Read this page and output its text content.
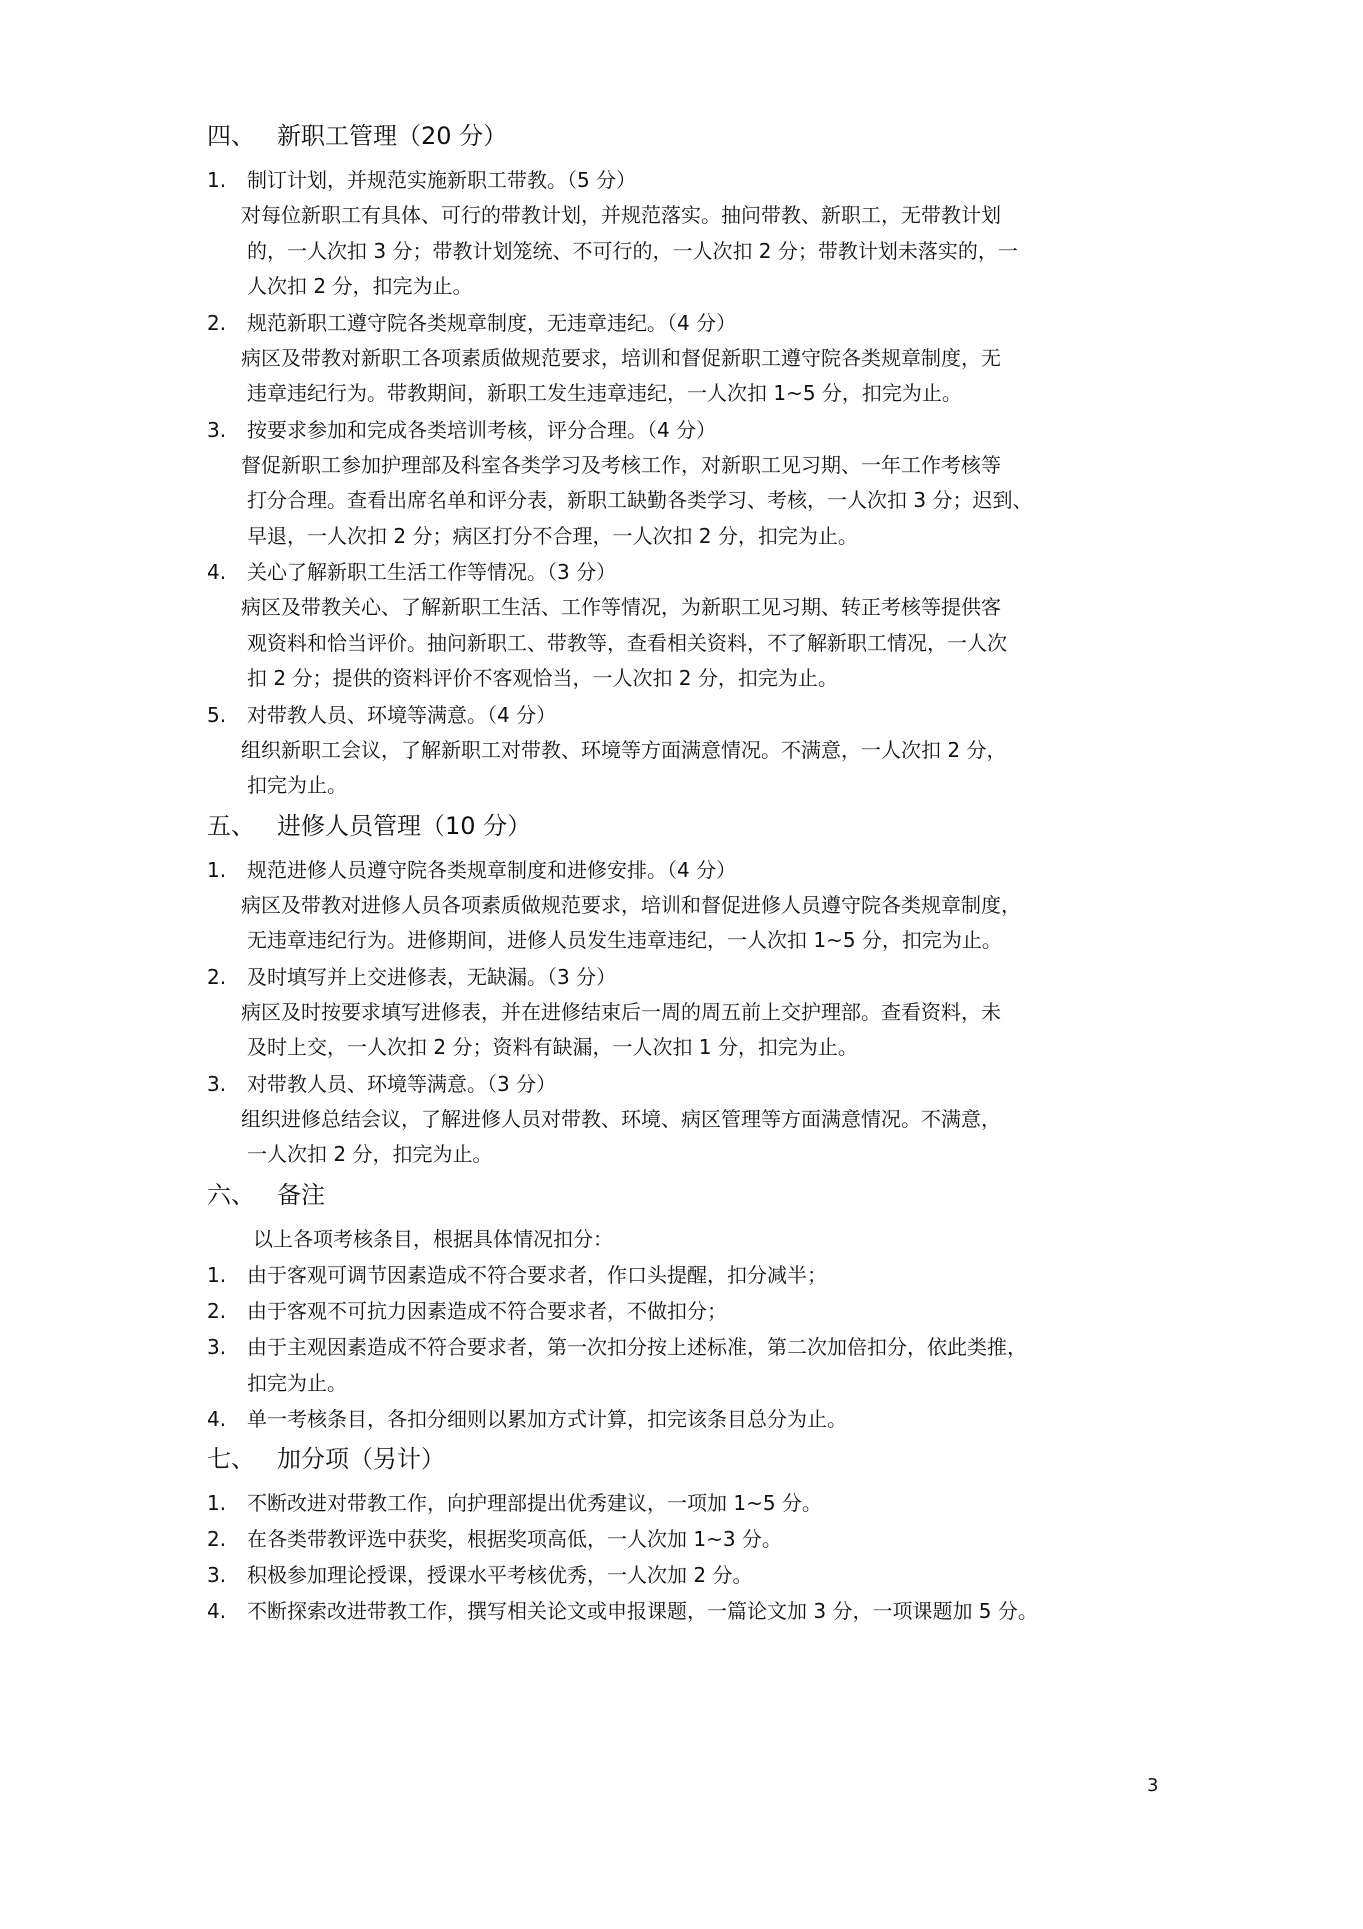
四、 新职工管理（20 分）
1.	制订计划，并规范实施新职工带教。（5 分）
对每位新职工有具体、可行的带教计划，并规范落实。抽问带教、新职工，无带教计划
的，一人次扣 3 分；带教计划笼统、不可行的，一人次扣 2 分；带教计划未落实的，一
人次扣 2 分，扣完为止。
2.	规范新职工遵守院各类规章制度，无违章违纪。（4 分）
病区及带教对新职工各项素质做规范要求，培训和督促新职工遵守院各类规章制度，无
违章违纪行为。带教期间，新职工发生违章违纪，一人次扣 1~5 分，扣完为止。
3.	按要求参加和完成各类培训考核，评分合理。（4 分）
督促新职工参加护理部及科室各类学习及考核工作，对新职工见习期、一年工作考核等
打分合理。查看出席名单和评分表，新职工缺勤各类学习、考核，一人次扣 3 分；迟到、
早退，一人次扣 2 分；病区打分不合理，一人次扣 2 分，扣完为止。
4.	关心了解新职工生活工作等情况。（3 分）
病区及带教关心、了解新职工生活、工作等情况，为新职工见习期、转正考核等提供客
观资料和恰当评价。抽问新职工、带教等，查看相关资料，不了解新职工情况，一人次
扣 2 分；提供的资料评价不客观恰当，一人次扣 2 分，扣完为止。
5.	对带教人员、环境等满意。（4 分）
组织新职工会议，了解新职工对带教、环境等方面满意情况。不满意，一人次扣 2 分，
扣完为止。
五、 进修人员管理（10 分）
1.	规范进修人员遵守院各类规章制度和进修安排。（4 分）
病区及带教对进修人员各项素质做规范要求，培训和督促进修人员遵守院各类规章制度，
无违章违纪行为。进修期间，进修人员发生违章违纪，一人次扣 1~5 分，扣完为止。
2.	及时填写并上交进修表，无缺漏。（3 分）
病区及时按要求填写进修表，并在进修结束后一周的周五前上交护理部。查看资料，未
及时上交，一人次扣 2 分；资料有缺漏，一人次扣 1 分，扣完为止。
3.	对带教人员、环境等满意。（3 分）
组织进修总结会议，了解进修人员对带教、环境、病区管理等方面满意情况。不满意，
一人次扣 2 分，扣完为止。
六、 备注
以上各项考核条目，根据具体情况扣分：
1.	由于客观可调节因素造成不符合要求者，作口头提醒，扣分减半；
2.	由于客观不可抗力因素造成不符合要求者，不做扣分；
3.	由于主观因素造成不符合要求者，第一次扣分按上述标准，第二次加倍扣分，依此类推，
扣完为止。
4.	单一考核条目，各扣分细则以累加方式计算，扣完该条目总分为止。
七、 加分项（另计）
1.	不断改进对带教工作，向护理部提出优秀建议，一项加 1~5 分。
2.	在各类带教评选中获奖，根据奖项高低，一人次加 1~3 分。
3.	积极参加理论授课，授课水平考核优秀，一人次加 2 分。
4.	不断探索改进带教工作，撰写相关论文或申报课题，一篇论文加 3 分，一项课题加 5 分。
3
